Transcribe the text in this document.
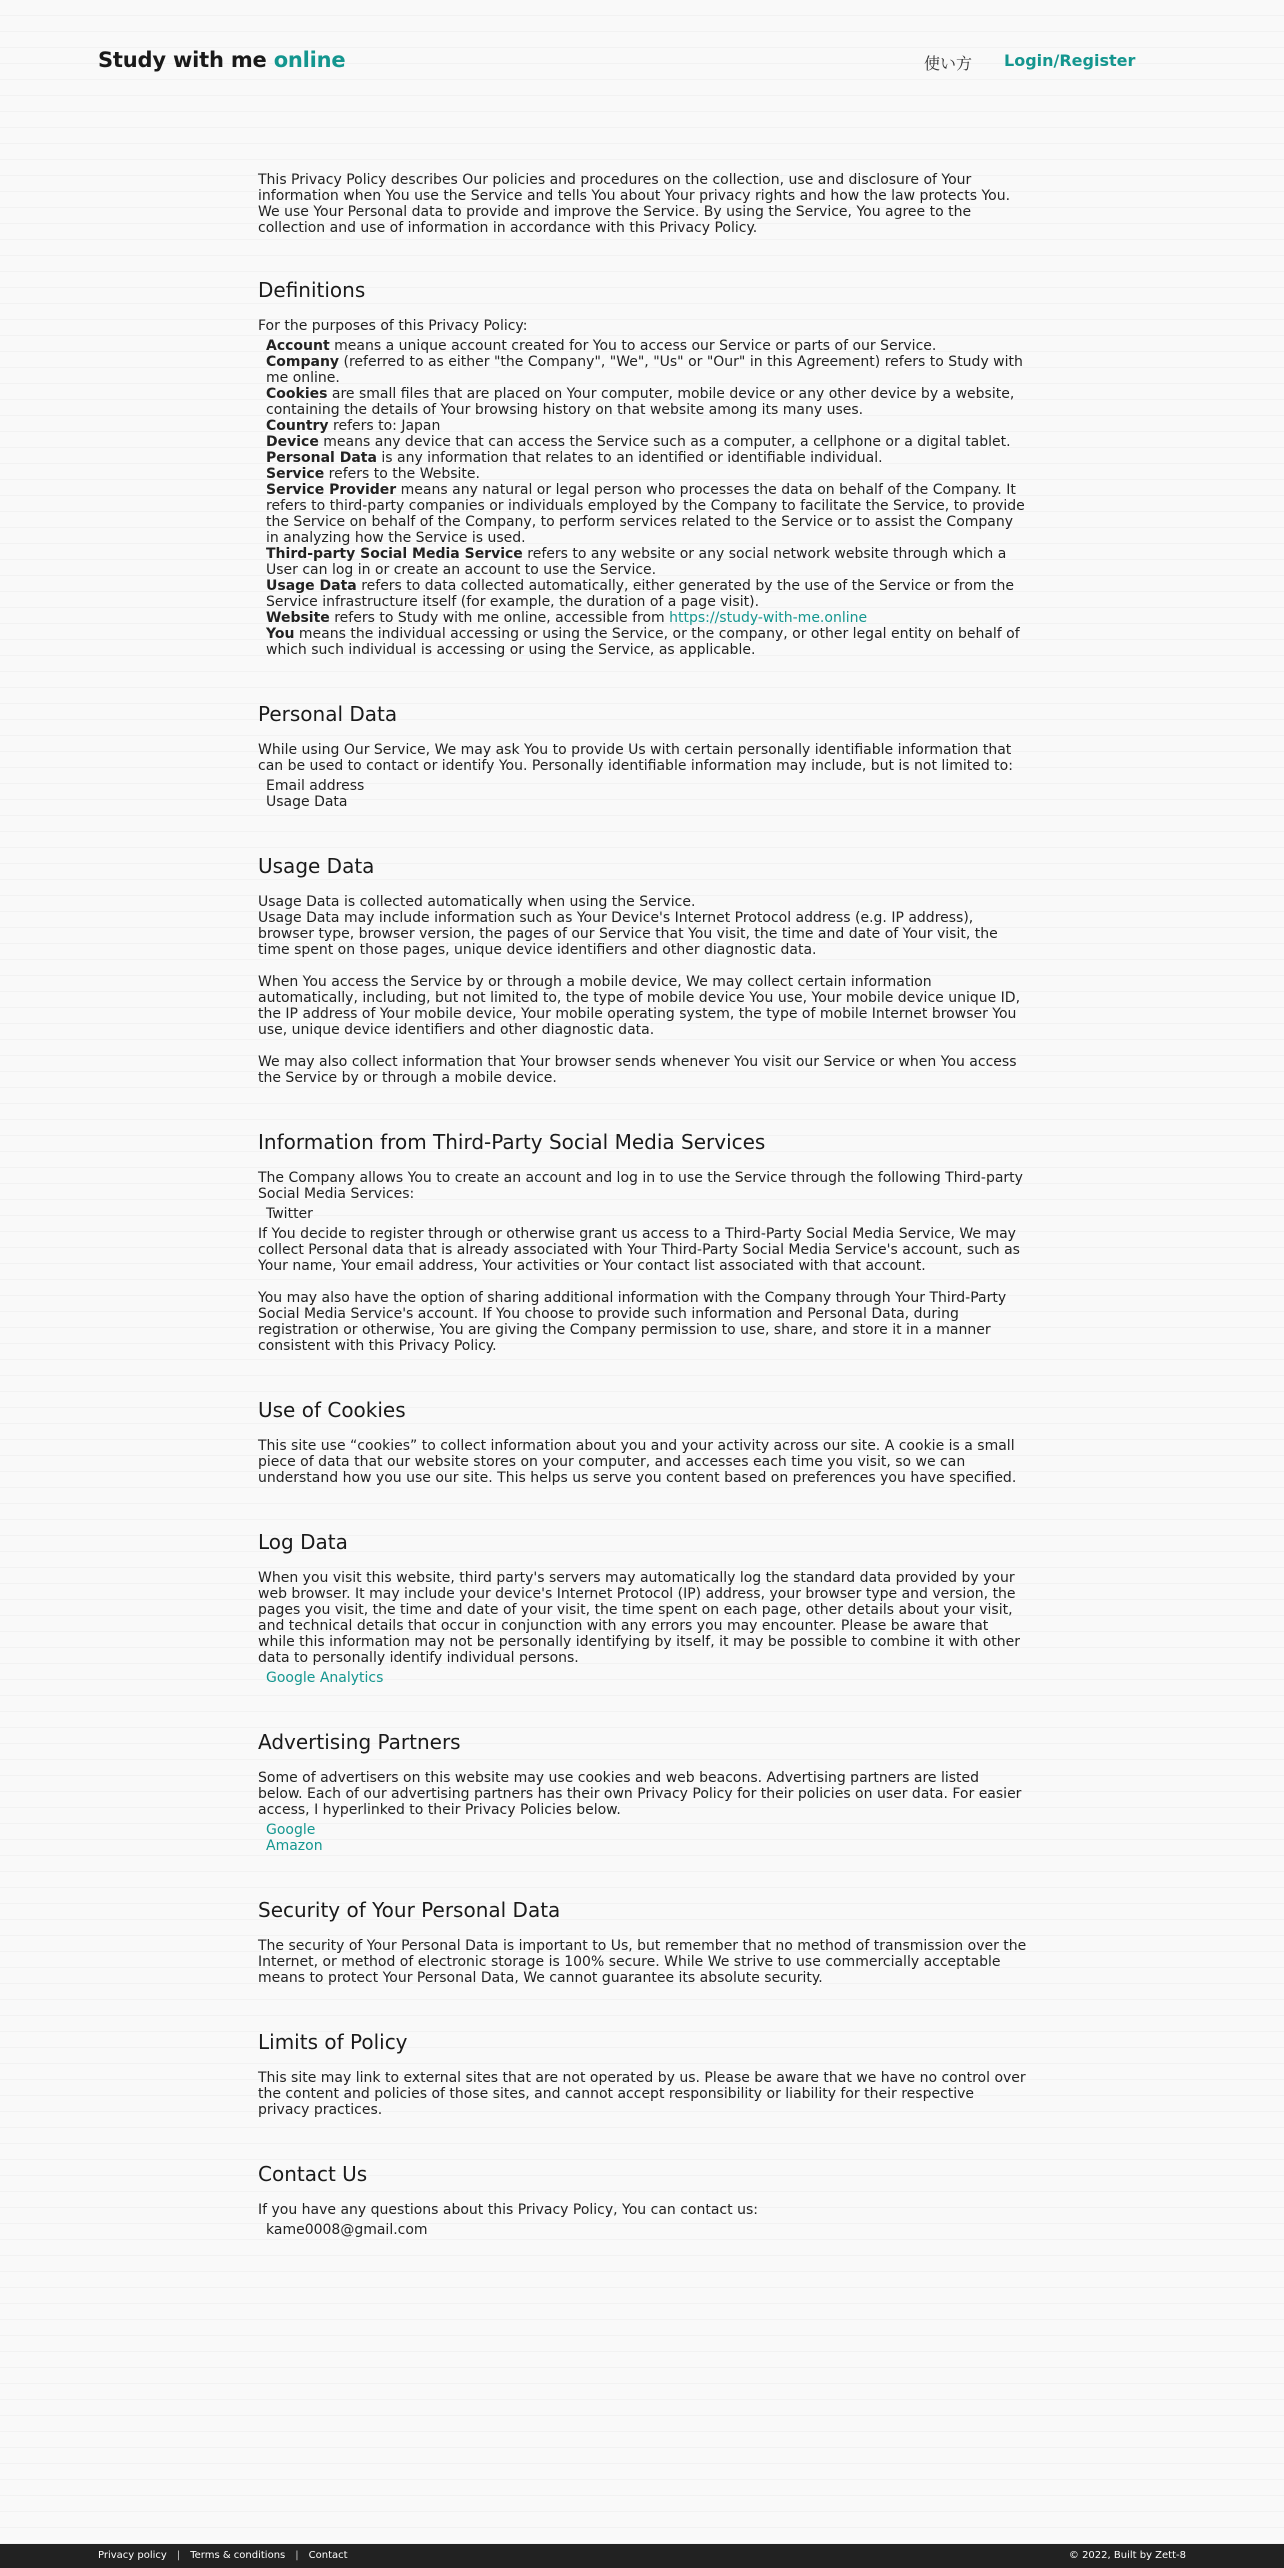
Study with me online	使い方 Login/Register

This Privacy Policy describes Our policies and procedures on the collection, use and disclosure of Your information when You use the Service and tells You about Your privacy rights and how the law protects You. We use Your Personal data to provide and improve the Service. By using the Service, You agree to the collection and use of information in accordance with this Privacy Policy.

Definitions

For the purposes of this Privacy Policy:

Account means a unique account created for You to access our Service or parts of our Service.
Company (referred to as either "the Company", "We", "Us" or "Our" in this Agreement) refers to Study with me online.
Cookies are small files that are placed on Your computer, mobile device or any other device by a website, containing the details of Your browsing history on that website among its many uses.
Country refers to: Japan
Device means any device that can access the Service such as a computer, a cellphone or a digital tablet.
Personal Data is any information that relates to an identified or identifiable individual.
Service refers to the Website.
Service Provider means any natural or legal person who processes the data on behalf of the Company. It refers to third-party companies or individuals employed by the Company to facilitate the Service, to provide the Service on behalf of the Company, to perform services related to the Service or to assist the Company in analyzing how the Service is used.
Third-party Social Media Service refers to any website or any social network website through which a User can log in or create an account to use the Service.
Usage Data refers to data collected automatically, either generated by the use of the Service or from the Service infrastructure itself (for example, the duration of a page visit).
Website refers to Study with me online, accessible from https://study-with-me.online
You means the individual accessing or using the Service, or the company, or other legal entity on behalf of which such individual is accessing or using the Service, as applicable.
Personal Data

While using Our Service, We may ask You to provide Us with certain personally identifiable information that can be used to contact or identify You. Personally identifiable information may include, but is not limited to:

Email address
Usage Data
Usage Data

Usage Data is collected automatically when using the Service.
Usage Data may include information such as Your Device's Internet Protocol address (e.g. IP address), browser type, browser version, the pages of our Service that You visit, the time and date of Your visit, the time spent on those pages, unique device identifiers and other diagnostic data.

When You access the Service by or through a mobile device, We may collect certain information automatically, including, but not limited to, the type of mobile device You use, Your mobile device unique ID, the IP address of Your mobile device, Your mobile operating system, the type of mobile Internet browser You use, unique device identifiers and other diagnostic data.

We may also collect information that Your browser sends whenever You visit our Service or when You access the Service by or through a mobile device.

Information from Third-Party Social Media Services

The Company allows You to create an account and log in to use the Service through the following Third-party Social Media Services:

Twitter

If You decide to register through or otherwise grant us access to a Third-Party Social Media Service, We may collect Personal data that is already associated with Your Third-Party Social Media Service's account, such as Your name, Your email address, Your activities or Your contact list associated with that account.

You may also have the option of sharing additional information with the Company through Your Third-Party Social Media Service's account. If You choose to provide such information and Personal Data, during registration or otherwise, You are giving the Company permission to use, share, and store it in a manner consistent with this Privacy Policy.

Use of Cookies

This site use “cookies” to collect information about you and your activity across our site. A cookie is a small piece of data that our website stores on your computer, and accesses each time you visit, so we can understand how you use our site. This helps us serve you content based on preferences you have specified.

Log Data

When you visit this website, third party's servers may automatically log the standard data provided by your web browser. It may include your device's Internet Protocol (IP) address, your browser type and version, the pages you visit, the time and date of your visit, the time spent on each page, other details about your visit, and technical details that occur in conjunction with any errors you may encounter. Please be aware that while this information may not be personally identifying by itself, it may be possible to combine it with other data to personally identify individual persons.

Google Analytics
Advertising Partners

Some of advertisers on this website may use cookies and web beacons. Advertising partners are listed below. Each of our advertising partners has their own Privacy Policy for their policies on user data. For easier access, I hyperlinked to their Privacy Policies below.

Google
Amazon
Security of Your Personal Data

The security of Your Personal Data is important to Us, but remember that no method of transmission over the Internet, or method of electronic storage is 100% secure. While We strive to use commercially acceptable means to protect Your Personal Data, We cannot guarantee its absolute security.

Limits of Policy

This site may link to external sites that are not operated by us. Please be aware that we have no control over the content and policies of those sites, and cannot accept responsibility or liability for their respective privacy practices.

Contact Us

If you have any questions about this Privacy Policy, You can contact us:

kame0008@gmail.com
Privacy policy | Terms & conditions | Contact	© 2022, Built by Zett-8
